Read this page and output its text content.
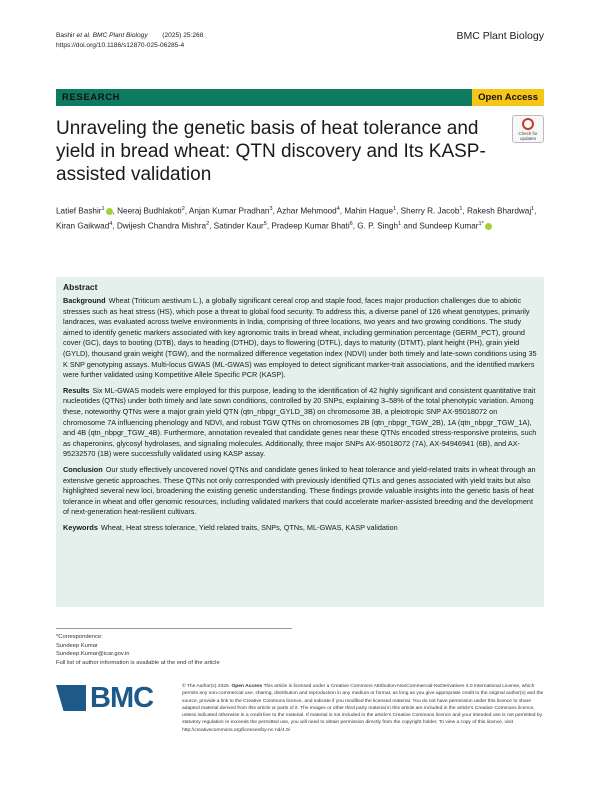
Bashir et al. BMC Plant Biology (2025) 25:268
https://doi.org/10.1186/s12870-025-06285-4
BMC Plant Biology
RESEARCH	Open Access
Unraveling the genetic basis of heat tolerance and yield in bread wheat: QTN discovery and Its KASP-assisted validation
Check for
updates
Latief Bashir$^1$ , Neeraj Budhlakoti$^2$, Anjan Kumar Pradhan$^3$, Azhar Mehmood$^4$, Mahin Haque$^1$, Sherry R. Jacob$^1$, Rakesh Bhardwaj$^1$, Kiran Gaikwad$^4$, Dwijesh Chandra Mishra$^2$, Satinder Kaur$^5$, Pradeep Kumar Bhati$^6$, G. P. Singh$^1$ and Sundeep Kumar$^{1*}$
Abstract

Background Wheat (Triticum aestivum L.), a globally significant cereal crop and staple food, faces major production challenges due to abiotic stresses such as heat stress (HS), which pose a threat to global food security. To address this, a diverse panel of 126 wheat genotypes, primarily landraces, was evaluated across twelve environments in India, comprising of three locations, two years and two growing conditions. The study aimed to identify genetic markers associated with key agronomic traits in bread wheat, including germination percentage (GERM_PCT), ground cover (GC), days to booting (DTB), days to heading (DTHD), days to flowering (DTFL), days to maturity (DTMT), plant height (PH), grain yield (GYLD), thousand grain weight (TGW), and the normalized difference vegetation index (NDVI) under both timely and late-sown conditions using 35 K SNP genotyping assays. Multi-locus GWAS (ML-GWAS) was employed to detect significant marker-trait associations, and the identified markers were further validated using Kompetitive Allele Specific PCR (KASP).

Results Six ML-GWAS models were employed for this purpose, leading to the identification of 42 highly significant and consistent quantitative trait nucleotides (QTNs) under both timely and late sown conditions, controlled by 20 SNPs, explaining 3–58% of the total phenotypic variation. Among these, noteworthy QTNs were a major grain yield QTN (qtn_nbpgr_GYLD_3B) on chromosome 3B, a pleiotropic SNP AX-95018072 on chromosome 7A influencing phenology and NDVI, and robust TGW QTNs on chromosomes 2B (qtn_nbpgr_TGW_2B), 1A (qtn_nbpgr_TGW_1A), and 4B (qtn_nbpgr_TGW_4B). Furthermore, annotation revealed that candidate genes near these QTNs encoded stress-responsive proteins, such as chaperonins, glycosyl hydrolases, and signaling molecules. Additionally, three major SNPs AX-95018072 (7A), AX-94946941 (6B), and AX-95232570 (1B) were successfully validated using KASP assay.

Conclusion Our study effectively uncovered novel QTNs and candidate genes linked to heat tolerance and yield-related traits in wheat through an extensive genetic approaches. These QTNs not only corresponded with previously identified QTLs and genes associated with yield traits but also highlighted several new loci, broadening the existing genetic understanding. These findings provide valuable insights into the genetic basis of heat tolerance in wheat and offer genomic resources, including validated markers that could accelerate marker-assisted breeding and the development of next-generation heat-resilient cultivars.

Keywords Wheat, Heat stress tolerance, Yield related traits, SNPs, QTNs, ML-GWAS, KASP validation

*Correspondence:
Sundeep Kumar
Sundeep.Kumar@icar.gov.in
Full list of author information is available at the end of the article
BMC	© The Author(s) 2025. Open Access This article is licensed under a Creative Commons Attribution-NonCommercial-NoDerivatives 4.0 International License, which permits any non-commercial use, sharing, distribution and reproduction in any medium or format, as long as you give appropriate credit to the original author(s) and the source, provide a link to the Creative Commons licence, and indicate if you modified the licensed material. You do not have permission under this licence to share adapted material derived from this article or parts of it. The images or other third party material in this article are included in the article's Creative Commons licence, unless indicated otherwise in a credit line to the material. If material is not included in the article's Creative Commons licence and your intended use is not permitted by statutory regulation or exceeds the permitted use, you will need to obtain permission directly from the copyright holder. To view a copy of this licence, visit http://creativecommons.org/licenses/by-nc-nd/4.0/.
